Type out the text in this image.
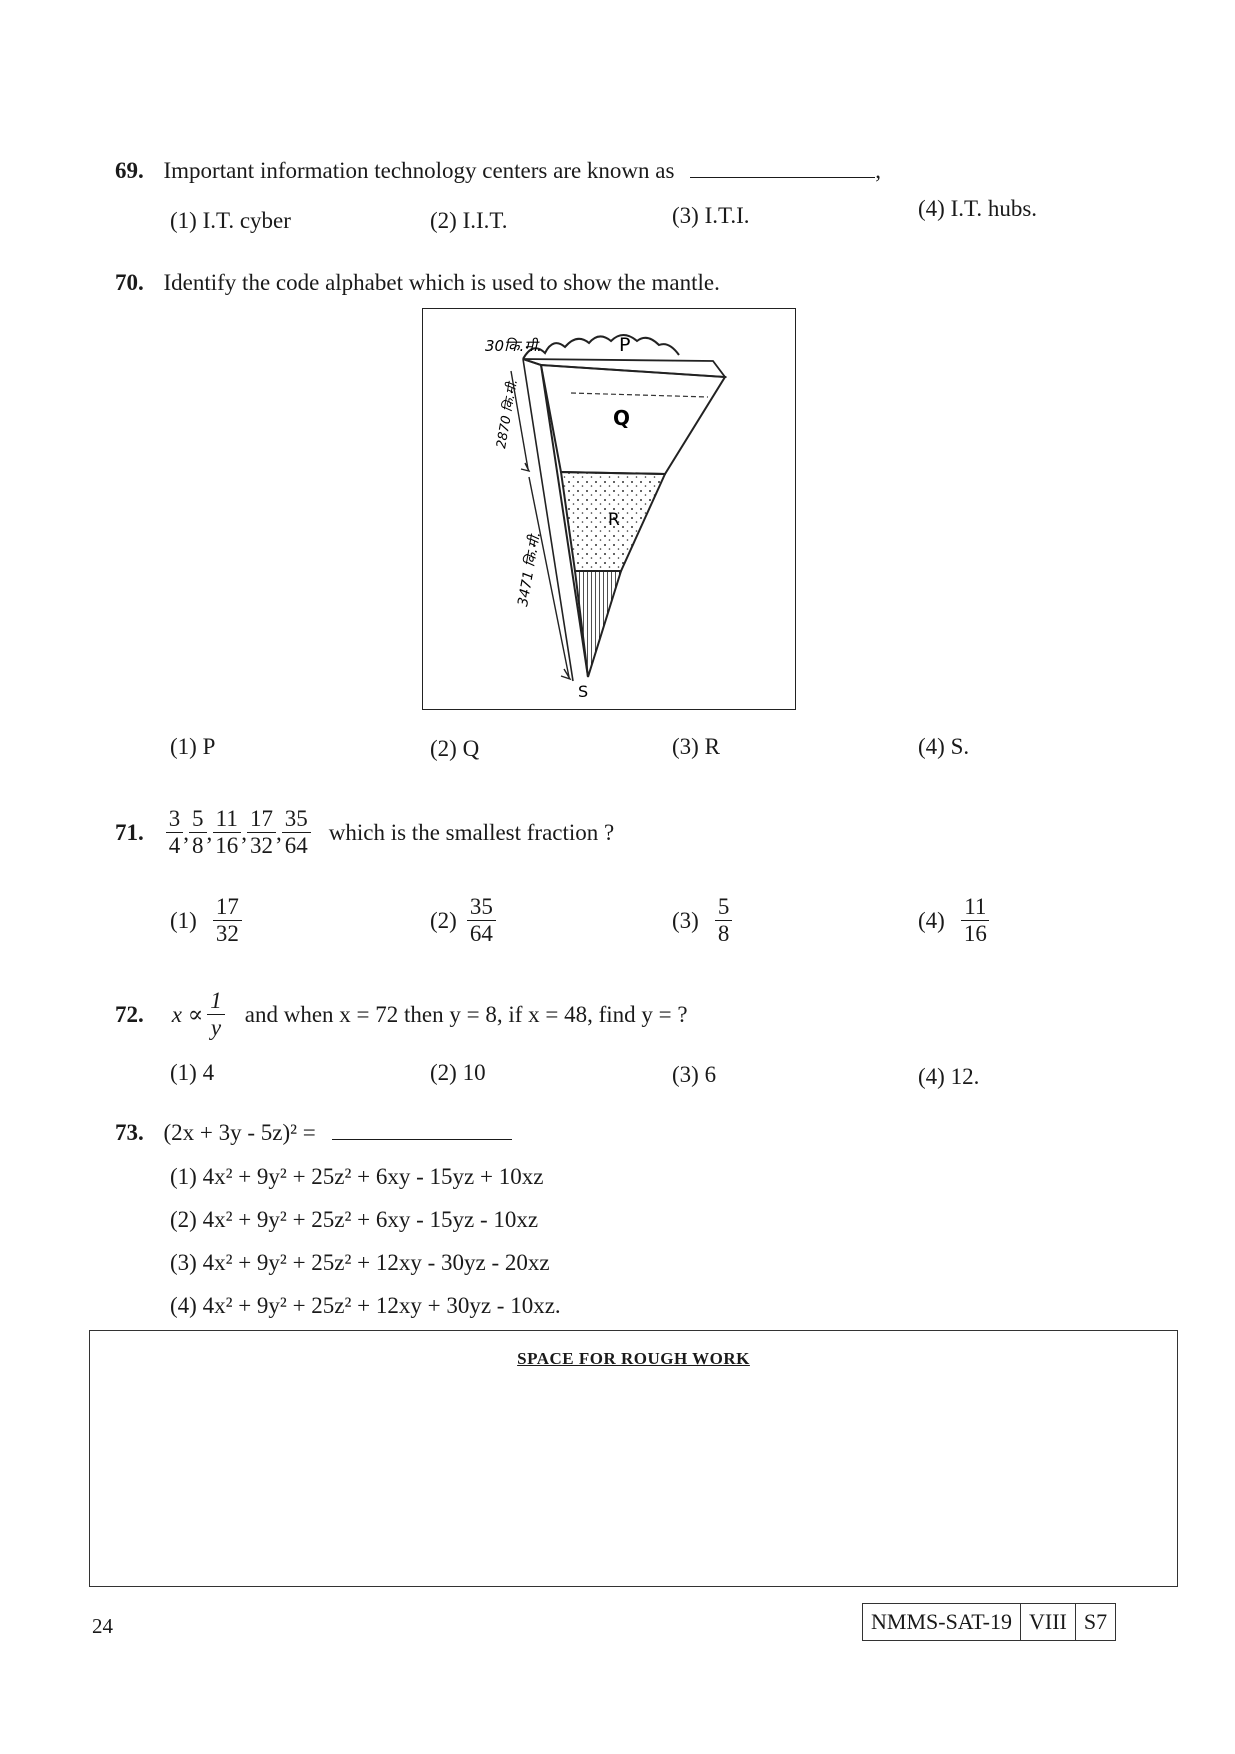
69. Important information technology centers are known as	,
(1) I.T. cyber	(2) I.I.T.	(3) I.T.I.	(4) I.T. hubs.
70. Identify the code alphabet which is used to show the mantle.
30कि.मी.	P
Q
R
S
2870 कि.मी.
3471 कि.मी.
(1) P	(2) Q	(3) R	(4) S.
71. $\frac{3}{4}$ , $\frac{5}{8}$ , $\frac{11}{16}$ , $\frac{17}{32}$ , $\frac{35}{64}$ which is the smallest fraction ?
$(1) \frac{17}{32}$	$(2) \frac{35}{64}$	$(3) \frac{5}{8}$	$(4) \frac{11}{16}$
72. $x \propto \frac{1}{y}$ and when x = 72 then y = 8, if x = 48, find y = ?
(1) 4	(2) 10	(3) 6	(4) 12.
73. (2x + 3y - 5z)² =
(1) 4x² + 9y² + 25z² + 6xy - 15yz + 10xz
(2) 4x² + 9y² + 25z² + 6xy - 15yz - 10xz
(3) 4x² + 9y² + 25z² + 12xy - 30yz - 20xz
(4) 4x² + 9y² + 25z² + 12xy + 30yz - 10xz.
SPACE FOR ROUGH WORK
24	NMMS-SAT-19 VIII S7
